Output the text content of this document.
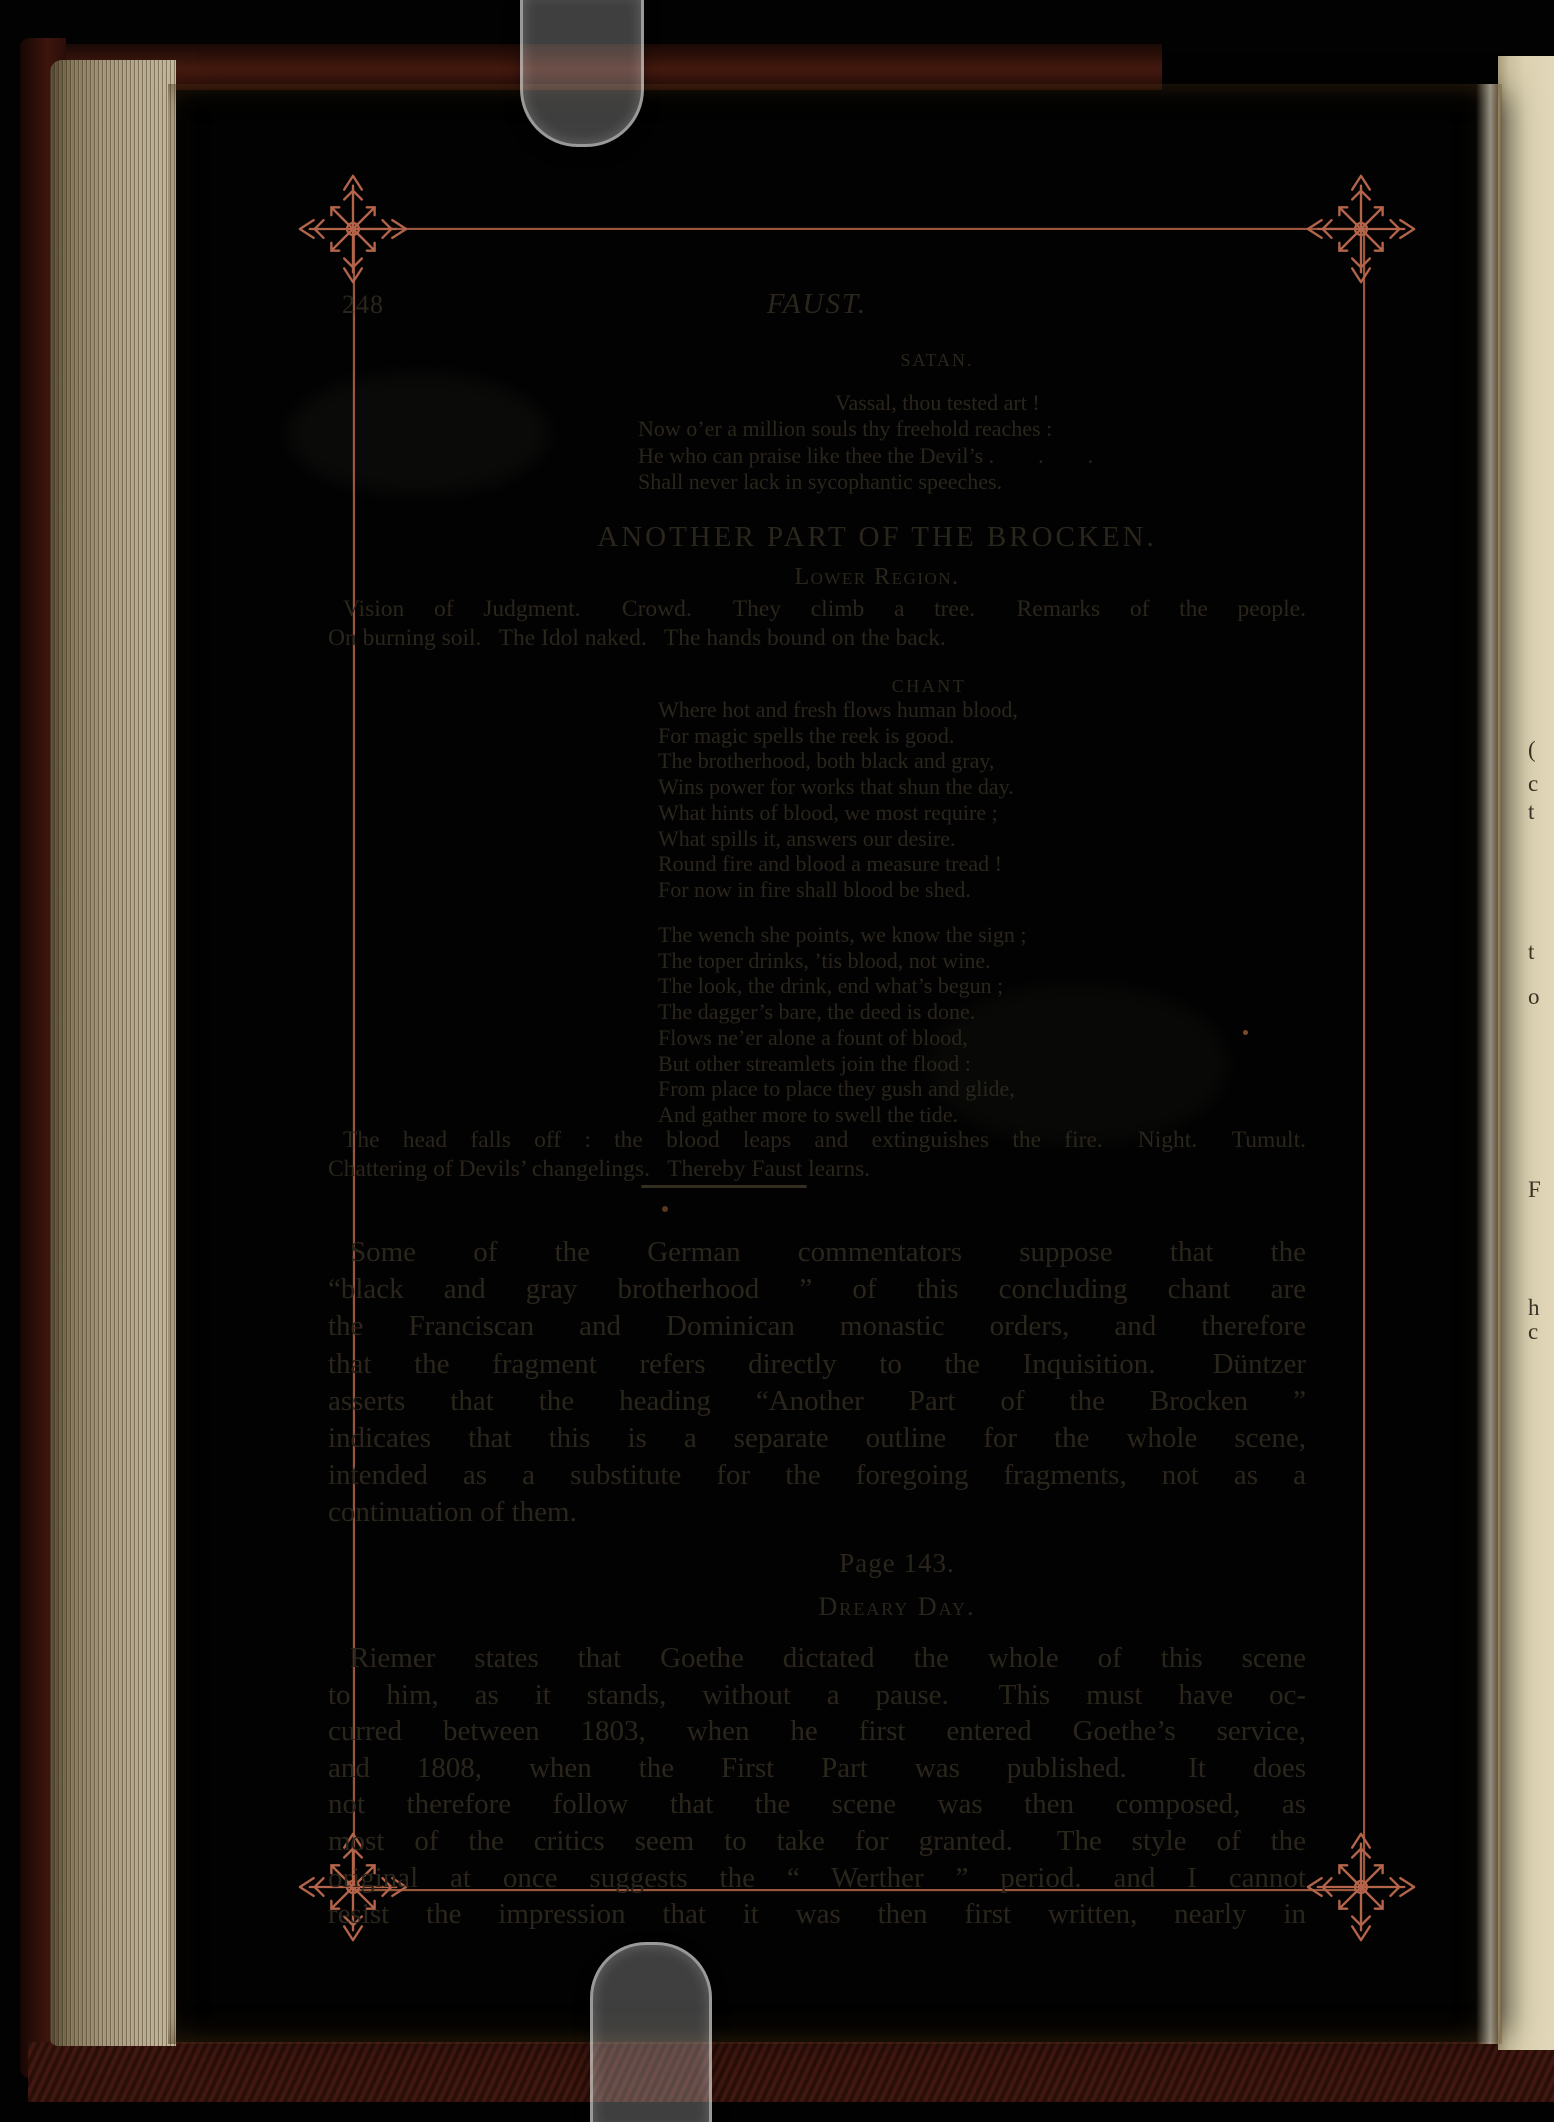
(
c
t
t
o
F
h
c
248	FAUST.
SATAN.
Vassal, thou tested art !
Now o’er a million souls thy freehold reaches :
He who can praise like thee the Devil’s .  .  .
Shall never lack in sycophantic speeches.
ANOTHER PART OF THE BROCKEN.
Lower Region.
Vision of Judgment.  Crowd.  They climb a tree.  Remarks of the people.
On burning soil.  The Idol naked.  The hands bound on the back.
CHANT
Where hot and fresh flows human blood,
For magic spells the reek is good.
The brotherhood, both black and gray,
Wins power for works that shun the day.
What hints of blood, we most require ;
What spills it, answers our desire.
Round fire and blood a measure tread !
For now in fire shall blood be shed.
The wench she points, we know the sign ;
The toper drinks, ’tis blood, not wine.
The look, the drink, end what’s begun ;
The dagger’s bare, the deed is done.
Flows ne’er alone a fount of blood,
But other streamlets join the flood :
From place to place they gush and glide,
And gather more to swell the tide.
The head falls off : the blood leaps and extinguishes the fire.  Night.  Tumult.
Chattering of Devils’ changelings.  Thereby Faust learns.
Some of the German commentators suppose that the
“black and gray brotherhood ” of this concluding chant are
the Franciscan and Dominican monastic orders, and therefore
that the fragment refers directly to the Inquisition.  Düntzer
asserts that the heading “Another Part of the Brocken ”
indicates that this is a separate outline for the whole scene,
intended as a substitute for the foregoing fragments, not as a
continuation of them.
Page 143.
Dreary Day.
Riemer states that Goethe dictated the whole of this scene
to him, as it stands, without a pause.  This must have oc-
curred between 1803, when he first entered Goethe’s service,
and 1808, when the First Part was published.  It does
not therefore follow that the scene was then composed, as
most of the critics seem to take for granted.  The style of the
original at once suggests the “ Werther ” period. and I cannot
resist the impression that it was then first written, nearly in
